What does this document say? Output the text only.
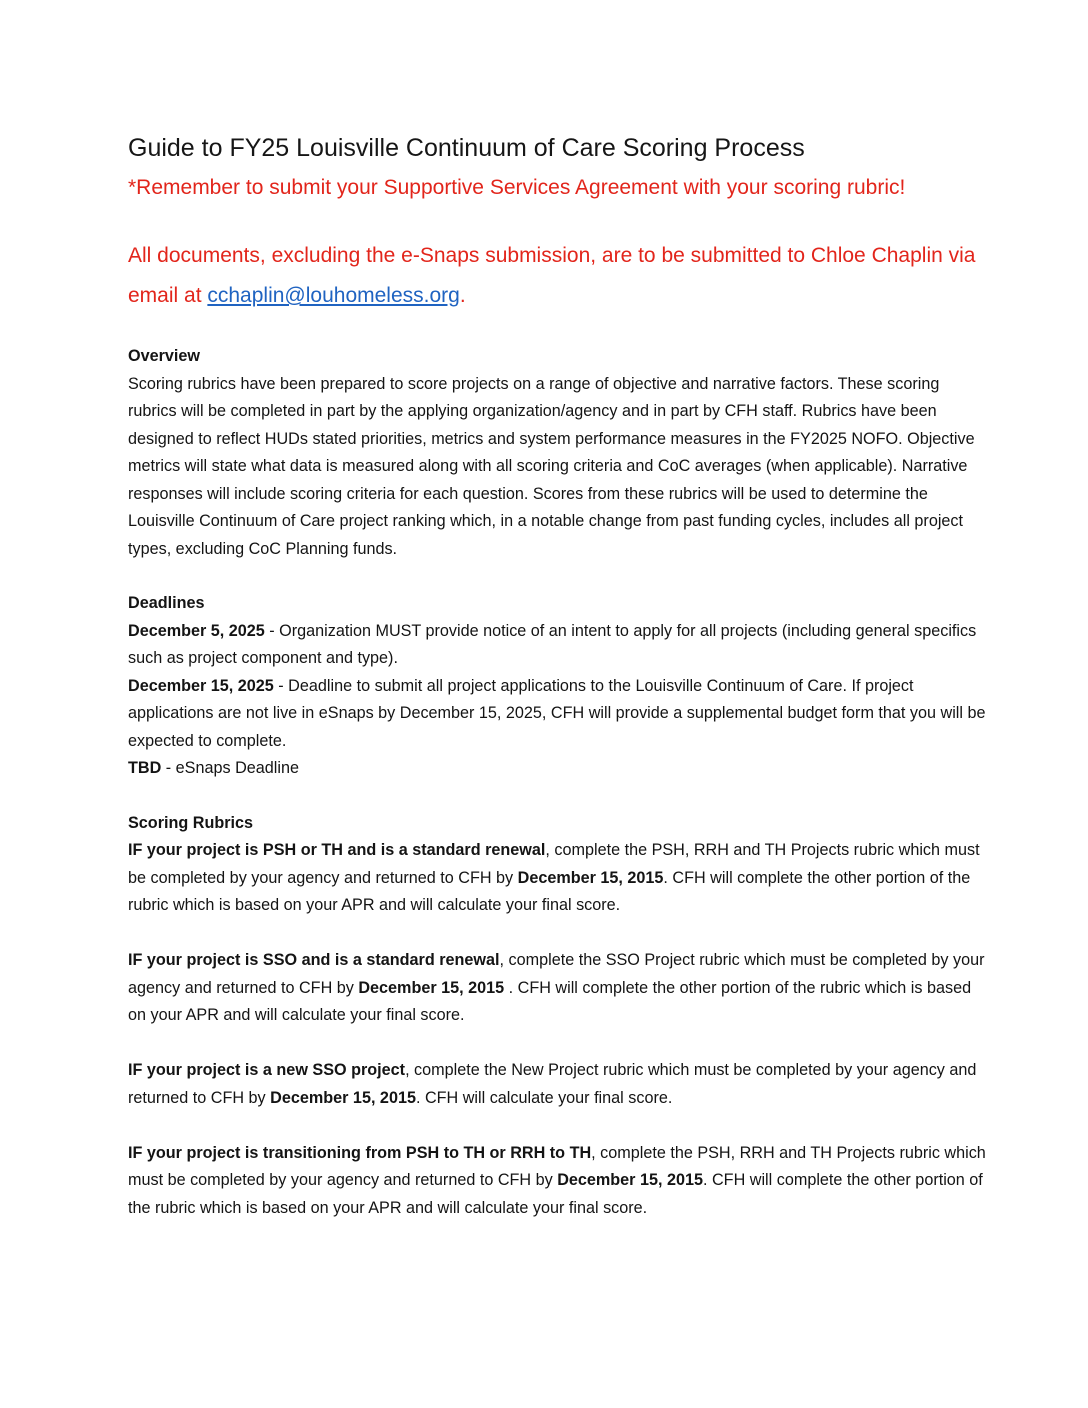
Guide to FY25 Louisville Continuum of Care Scoring Process

*Remember to submit your Supportive Services Agreement with your scoring rubric!

All documents, excluding the e-Snaps submission, are to be submitted to Chloe Chaplin via email at cchaplin@louhomeless.org.

Overview

Scoring rubrics have been prepared to score projects on a range of objective and narrative factors. These scoring rubrics will be completed in part by the applying organization/agency and in part by CFH staff. Rubrics have been designed to reflect HUDs stated priorities, metrics and system performance measures in the FY2025 NOFO. Objective metrics will state what data is measured along with all scoring criteria and CoC averages (when applicable). Narrative responses will include scoring criteria for each question. Scores from these rubrics will be used to determine the Louisville Continuum of Care project ranking which, in a notable change from past funding cycles, includes all project types, excluding CoC Planning funds.

Deadlines

December 5, 2025 - Organization MUST provide notice of an intent to apply for all projects (including general specifics such as project component and type).

December 15, 2025 - Deadline to submit all project applications to the Louisville Continuum of Care. If project applications are not live in eSnaps by December 15, 2025, CFH will provide a supplemental budget form that you will be expected to complete.

TBD - eSnaps Deadline

Scoring Rubrics

IF your project is PSH or TH and is a standard renewal, complete the PSH, RRH and TH Projects rubric which must be completed by your agency and returned to CFH by December 15, 2015. CFH will complete the other portion of the rubric which is based on your APR and will calculate your final score.

IF your project is SSO and is a standard renewal, complete the SSO Project rubric which must be completed by your agency and returned to CFH by December 15, 2015 . CFH will complete the other portion of the rubric which is based on your APR and will calculate your final score.

IF your project is a new SSO project, complete the New Project rubric which must be completed by your agency and returned to CFH by December 15, 2015. CFH will calculate your final score.

IF your project is transitioning from PSH to TH or RRH to TH, complete the PSH, RRH and TH Projects rubric which must be completed by your agency and returned to CFH by December 15, 2015. CFH will complete the other portion of the rubric which is based on your APR and will calculate your final score.
